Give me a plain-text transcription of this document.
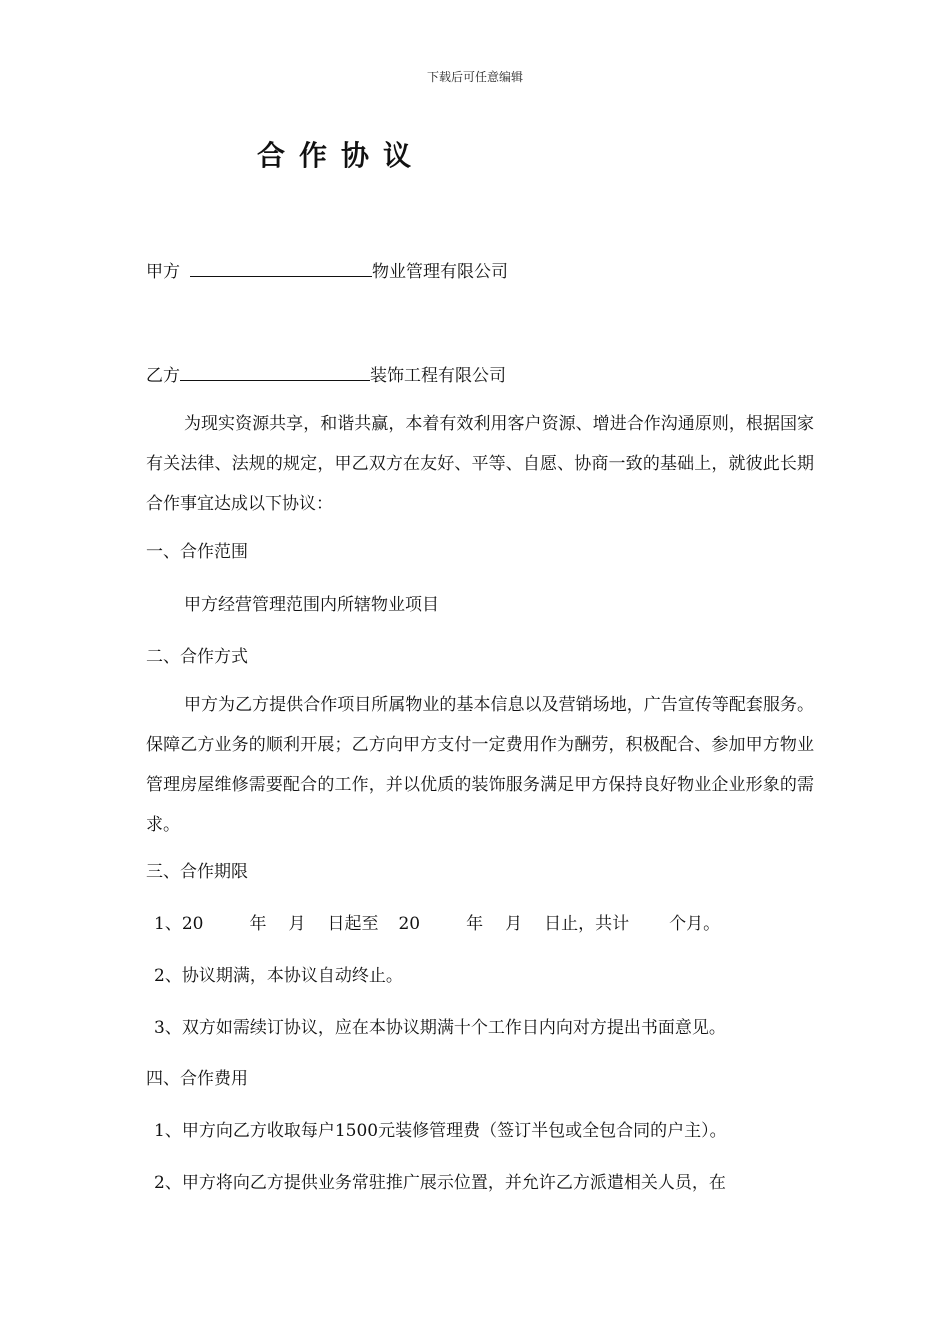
下载后可任意编辑
合作协议
甲方	物业管理有限公司
乙方	装饰工程有限公司
为现实资源共享，和谐共赢，本着有效利用客户资源、增进合作沟通原则，根据国家有关法律、法规的规定，甲乙双方在友好、平等、自愿、协商一致的基础上，就彼此长期合作事宜达成以下协议：
一、合作范围
甲方经营管理范围内所辖物业项目
二、合作方式
甲方为乙方提供合作项目所属物业的基本信息以及营销场地，广告宣传等配套服务。保障乙方业务的顺利开展；乙方向甲方支付一定费用作为酬劳，积极配合、参加甲方物业管理房屋维修需要配合的工作，并以优质的装饰服务满足甲方保持良好物业企业形象的需求。
三、合作期限
1、20	年 月 日起至 20	年 月 日止，共计 个月。
2、协议期满，本协议自动终止。
3、双方如需续订协议，应在本协议期满十个工作日内向对方提出书面意见。
四、合作费用
1、甲方向乙方收取每户1500元装修管理费（签订半包或全包合同的户主）。
2、甲方将向乙方提供业务常驻推广展示位置，并允许乙方派遣相关人员，在
